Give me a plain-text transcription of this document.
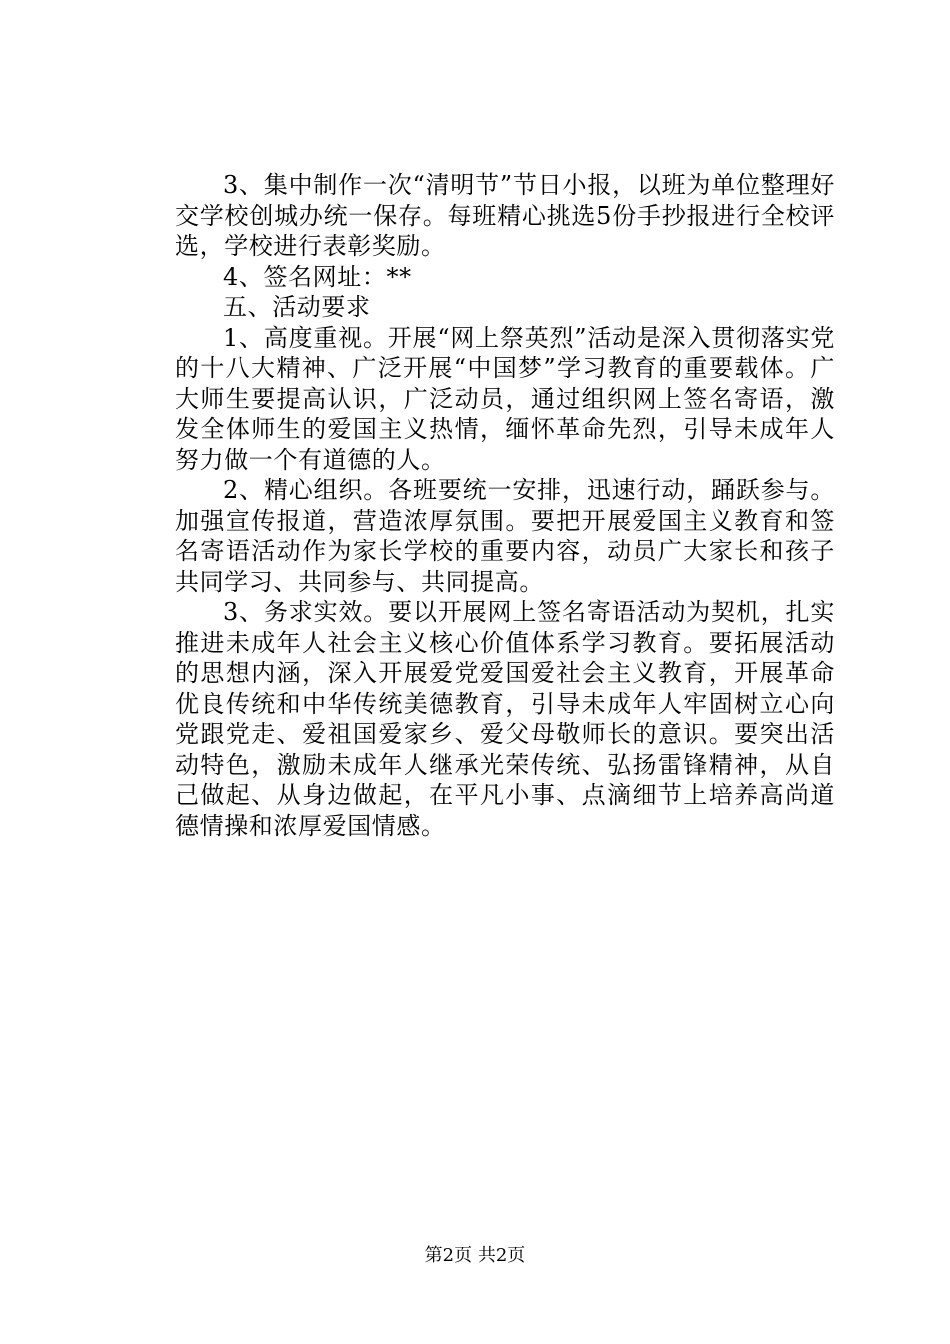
3、集中制作一次“清明节”节日小报，以班为单位整理好交学校创城办统一保存。每班精心挑选5份手抄报进行全校评选，学校进行表彰奖励。

4、签名网址：**

五、活动要求

1、高度重视。开展“网上祭英烈”活动是深入贯彻落实党的十八大精神、广泛开展“中国梦”学习教育的重要载体。广大师生要提高认识，广泛动员，通过组织网上签名寄语，激发全体师生的爱国主义热情，缅怀革命先烈，引导未成年人努力做一个有道德的人。

2、精心组织。各班要统一安排，迅速行动，踊跃参与。加强宣传报道，营造浓厚氛围。要把开展爱国主义教育和签名寄语活动作为家长学校的重要内容，动员广大家长和孩子共同学习、共同参与、共同提高。

3、务求实效。要以开展网上签名寄语活动为契机，扎实推进未成年人社会主义核心价值体系学习教育。要拓展活动的思想内涵，深入开展爱党爱国爱社会主义教育，开展革命优良传统和中华传统美德教育，引导未成年人牢固树立心向党跟党走、爱祖国爱家乡、爱父母敬师长的意识。要突出活动特色，激励未成年人继承光荣传统、弘扬雷锋精神，从自己做起、从身边做起，在平凡小事、点滴细节上培养高尚道德情操和浓厚爱国情感。

第2页 共2页
